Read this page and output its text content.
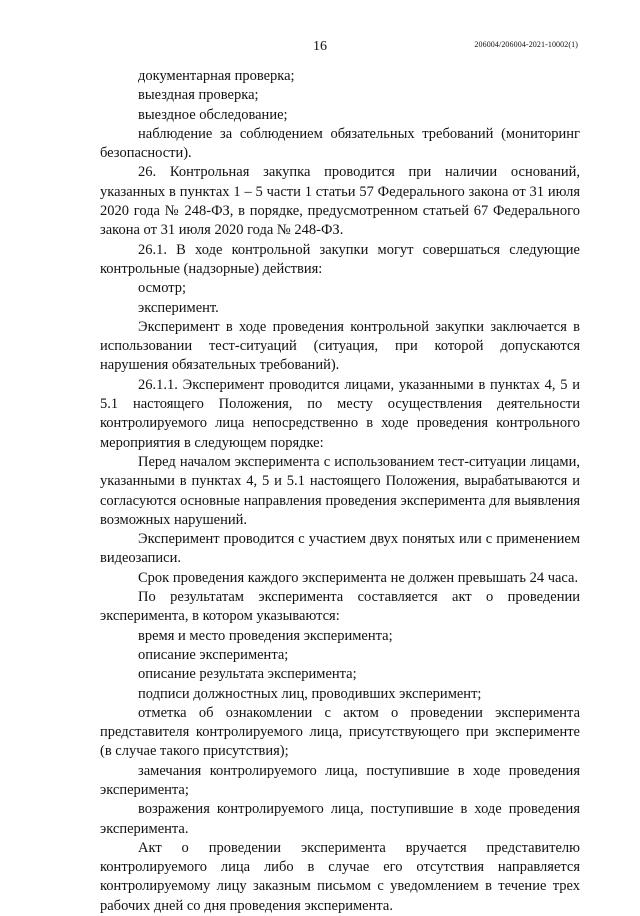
16	206004/206004-2021-10002(1)

документарная проверка;

выездная проверка;

выездное обследование;

наблюдение за соблюдением обязательных требований (мониторинг безопасности).

26. Контрольная закупка проводится при наличии оснований, указанных в пунктах 1 – 5 части 1 статьи 57 Федерального закона от 31 июля 2020 года № 248-ФЗ, в порядке, предусмотренном статьей 67 Федерального закона от 31 июля 2020 года № 248-ФЗ.

26.1. В ходе контрольной закупки могут совершаться следующие контрольные (надзорные) действия:

осмотр;

эксперимент.

Эксперимент в ходе проведения контрольной закупки заключается в использовании тест-ситуаций (ситуация, при которой допускаются нарушения обязательных требований).

26.1.1. Эксперимент проводится лицами, указанными в пунктах 4, 5 и 5.1 настоящего Положения, по месту осуществления деятельности контролируемого лица непосредственно в ходе проведения контрольного мероприятия в следующем порядке:

Перед началом эксперимента с использованием тест-ситуации лицами, указанными в пунктах 4, 5 и 5.1 настоящего Положения, вырабатываются и согласуются основные направления проведения эксперимента для выявления возможных нарушений.

Эксперимент проводится с участием двух понятых или с применением видеозаписи.

Срок проведения каждого эксперимента не должен превышать 24 часа.

По результатам эксперимента составляется акт о проведении эксперимента, в котором указываются:

время и место проведения эксперимента;

описание эксперимента;

описание результата эксперимента;

подписи должностных лиц, проводивших эксперимент;

отметка об ознакомлении с актом о проведении эксперимента представителя контролируемого лица, присутствующего при эксперименте (в случае такого присутствия);

замечания контролируемого лица, поступившие в ходе проведения эксперимента;

возражения контролируемого лица, поступившие в ходе проведения эксперимента.

Акт о проведении эксперимента вручается представителю контролируемого лица либо в случае его отсутствия направляется контролируемому лицу заказным письмом с уведомлением в течение трех рабочих дней со дня проведения эксперимента.
